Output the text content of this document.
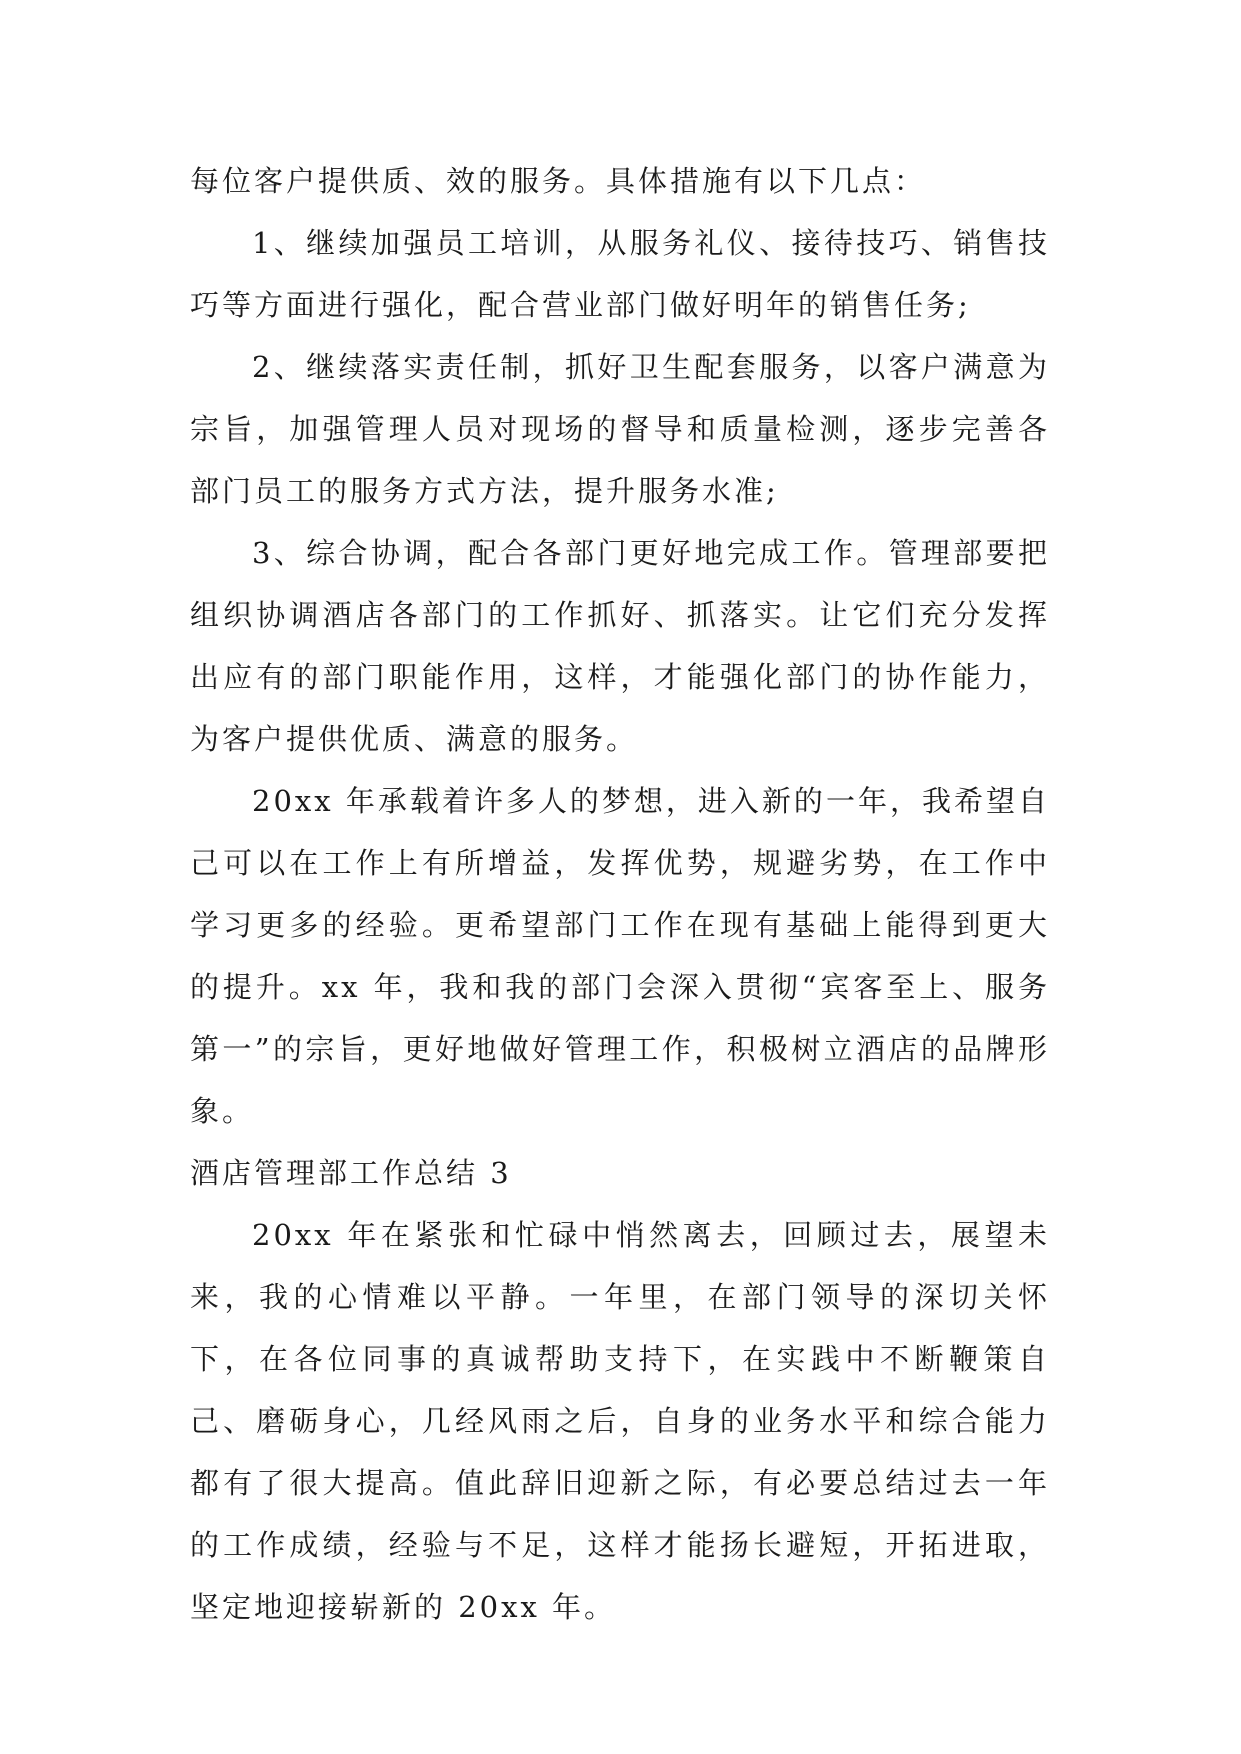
每位客户提供质、效的服务。具体措施有以下几点：

1、继续加强员工培训，从服务礼仪、接待技巧、销售技巧等方面进行强化，配合营业部门做好明年的销售任务;

2、继续落实责任制，抓好卫生配套服务，以客户满意为宗旨，加强管理人员对现场的督导和质量检测，逐步完善各部门员工的服务方式方法，提升服务水准;

3、综合协调，配合各部门更好地完成工作。管理部要把组织协调酒店各部门的工作抓好、抓落实。让它们充分发挥出应有的部门职能作用，这样，才能强化部门的协作能力，为客户提供优质、满意的服务。

20xx 年承载着许多人的梦想，进入新的一年，我希望自己可以在工作上有所增益，发挥优势，规避劣势，在工作中学习更多的经验。更希望部门工作在现有基础上能得到更大的提升。xx 年，我和我的部门会深入贯彻“宾客至上、服务第一”的宗旨，更好地做好管理工作，积极树立酒店的品牌形象。

酒店管理部工作总结 3

20xx 年在紧张和忙碌中悄然离去，回顾过去，展望未来，我的心情难以平静。一年里，在部门领导的深切关怀下，在各位同事的真诚帮助支持下，在实践中不断鞭策自己、磨砺身心，几经风雨之后，自身的业务水平和综合能力都有了很大提高。值此辞旧迎新之际，有必要总结过去一年的工作成绩，经验与不足，这样才能扬长避短，开拓进取，坚定地迎接崭新的 20xx 年。
